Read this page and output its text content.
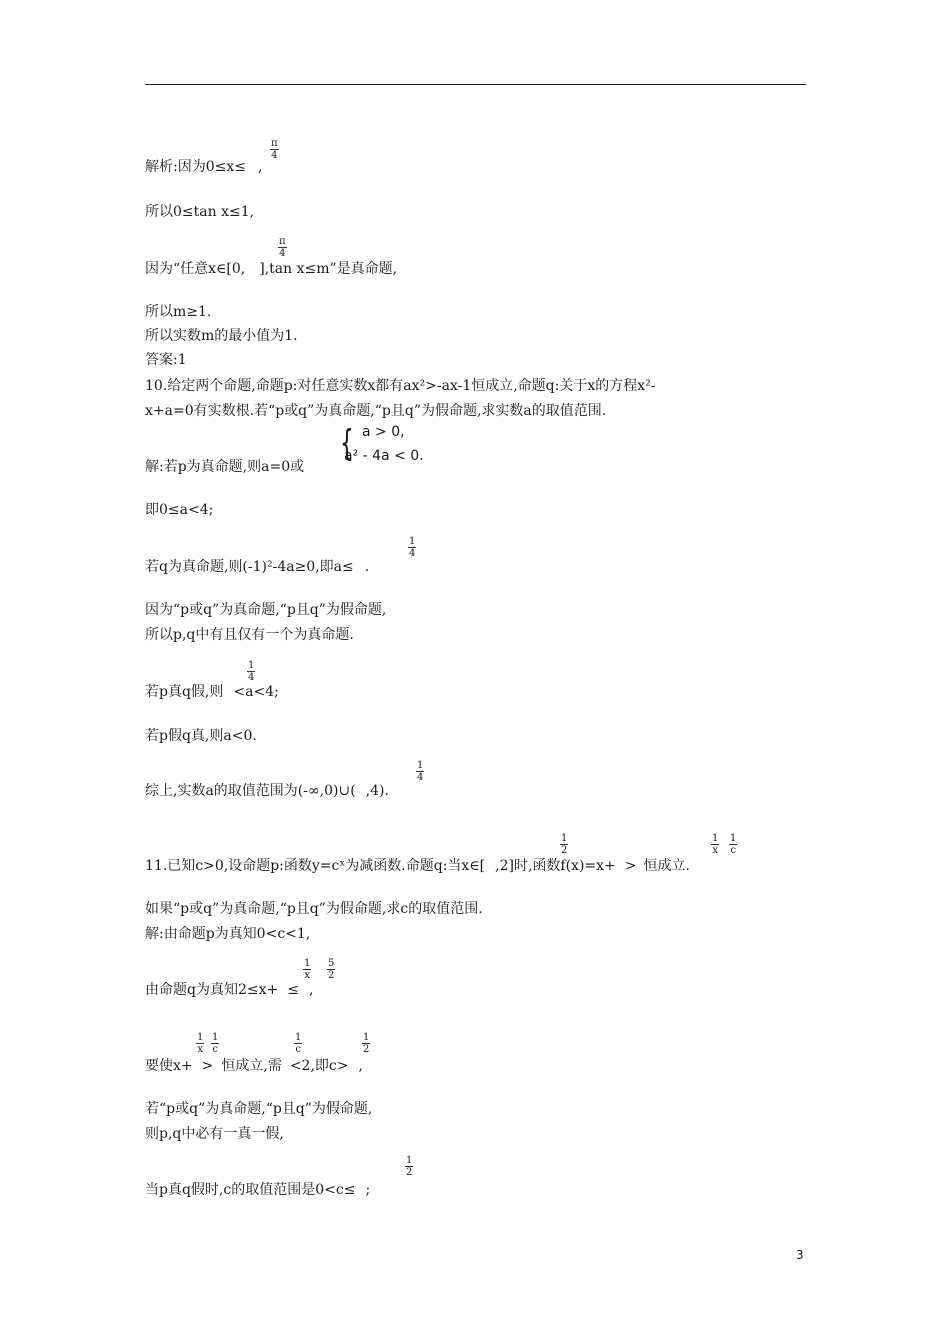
解析:因为0≤x≤ ,
$\frac{\pi}{4}$
所以0≤tan x≤1,
因为“任意x∈[0, ],tan x≤m”是真命题,
$\frac{\pi}{4}$
所以m≥1.
所以实数m的最小值为1.
答案:1
10.给定两个命题,命题p:对任意实数x都有ax²>-ax-1恒成立,命题q:关于x的方程x²-
x+a=0有实数根.若“p或q”为真命题,“p且q”为假命题,求实数a的取值范围.
解:若p为真命题,则a=0或
{ a > 0,
a² - 4a < 0.
即0≤a<4;
若q为真命题,则(-1)²-4a≥0,即a≤ .
$\frac{1}{4}$
因为“p或q”为真命题,“p且q”为假命题,
所以p,q中有且仅有一个为真命题.
若p真q假,则 <a<4;
$\frac{1}{4}$
若p假q真,则a<0.
综上,实数a的取值范围为(-∞,0)∪( ,4).
$\frac{1}{4}$
11.已知c>0,设命题p:函数y=cˣ为减函数.命题q:当x∈[ ,2]时,函数f(x)=x+ > 恒成立.
$\frac{1}{2}$	$\frac{1}{x} \frac{1}{c}$
如果“p或q”为真命题,“p且q”为假命题,求c的取值范围.
解:由命题p为真知0<c<1,
由命题q为真知2≤x+ ≤ ,
$\frac{1}{x} \frac{5}{2}$
要使x+ > 恒成立,需 <2,即c> ,
$\frac{1}{x} \frac{1}{c}$	$\frac{1}{c}$	$\frac{1}{2}$
若“p或q”为真命题,“p且q”为假命题,
则p,q中必有一真一假,
当p真q假时,c的取值范围是0<c≤ ;
$\frac{1}{2}$
3
